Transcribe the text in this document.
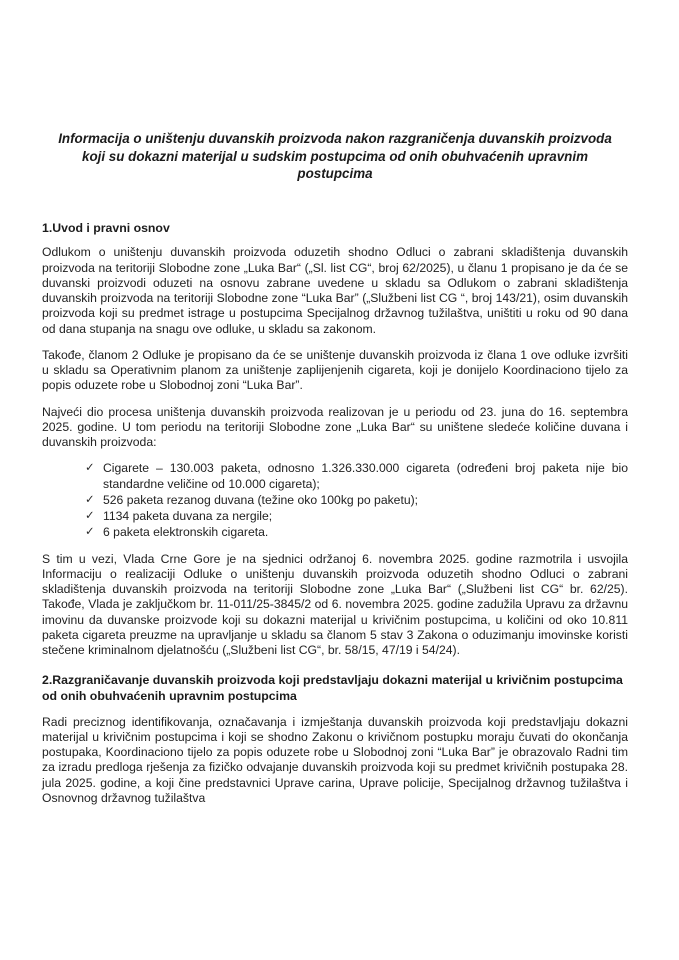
Informacija o uništenju duvanskih proizvoda nakon razgraničenja duvanskih proizvoda koji su dokazni materijal u sudskim postupcima od onih obuhvaćenih upravnim postupcima
1.Uvod i pravni osnov

Odlukom o uništenju duvanskih proizvoda oduzetih shodno Odluci o zabrani skladištenja duvanskih proizvoda na teritoriji Slobodne zone „Luka Bar“ („Sl. list CG“, broj 62/2025), u članu 1 propisano je da će se duvanski proizvodi oduzeti na osnovu zabrane uvedene u skladu sa Odlukom o zabrani skladištenja duvanskih proizvoda na teritoriji Slobodne zone “Luka Bar” („Službeni list CG “, broj 143/21), osim duvanskih proizvoda koji su predmet istrage u postupcima Specijalnog državnog tužilaštva, uništiti u roku od 90 dana od dana stupanja na snagu ove odluke, u skladu sa zakonom.

Takođe, članom 2 Odluke je propisano da će se uništenje duvanskih proizvoda iz člana 1 ove odluke izvršiti u skladu sa Operativnim planom za uništenje zaplijenjenih cigareta, koji je donijelo Koordinaciono tijelo za popis oduzete robe u Slobodnoj zoni “Luka Bar”.

Najveći dio procesa uništenja duvanskih proizvoda realizovan je u periodu od 23. juna do 16. septembra 2025. godine. U tom periodu na teritoriji Slobodne zone „Luka Bar“ su uništene sledeće količine duvana i duvanskih proizvoda:

✓ Cigarete – 130.003 paketa, odnosno 1.326.330.000 cigareta (određeni broj paketa nije bio standardne veličine od 10.000 cigareta);
✓ 526 paketa rezanog duvana (težine oko 100kg po paketu);
✓ 1134 paketa duvana za nergile;
✓ 6 paketa elektronskih cigareta.

S tim u vezi, Vlada Crne Gore je na sjednici održanoj 6. novembra 2025. godine razmotrila i usvojila Informaciju o realizaciji Odluke o uništenju duvanskih proizvoda oduzetih shodno Odluci o zabrani skladištenja duvanskih proizvoda na teritoriji Slobodne zone „Luka Bar“ („Službeni list CG“ br. 62/25). Takođe, Vlada je zaključkom br. 11-011/25-3845/2 od 6. novembra 2025. godine zadužila Upravu za državnu imovinu da duvanske proizvode koji su dokazni materijal u krivičnim postupcima, u količini od oko 10.811 paketa cigareta preuzme na upravljanje u skladu sa članom 5 stav 3 Zakona o oduzimanju imovinske koristi stečene kriminalnom djelatnošću („Službeni list CG“, br. 58/15, 47/19 i 54/24).

2.Razgraničavanje duvanskih proizvoda koji predstavljaju dokazni materijal u krivičnim postupcima od onih obuhvaćenih upravnim postupcima

Radi preciznog identifikovanja, označavanja i izmještanja duvanskih proizvoda koji predstavljaju dokazni materijal u krivičnim postupcima i koji se shodno Zakonu o krivičnom postupku moraju čuvati do okončanja postupaka, Koordinaciono tijelo za popis oduzete robe u Slobodnoj zoni “Luka Bar” je obrazovalo Radni tim za izradu predloga rješenja za fizičko odvajanje duvanskih proizvoda koji su predmet krivičnih postupaka 28. jula 2025. godine, a koji čine predstavnici Uprave carina, Uprave policije, Specijalnog državnog tužilaštva i Osnovnog državnog tužilaštva
